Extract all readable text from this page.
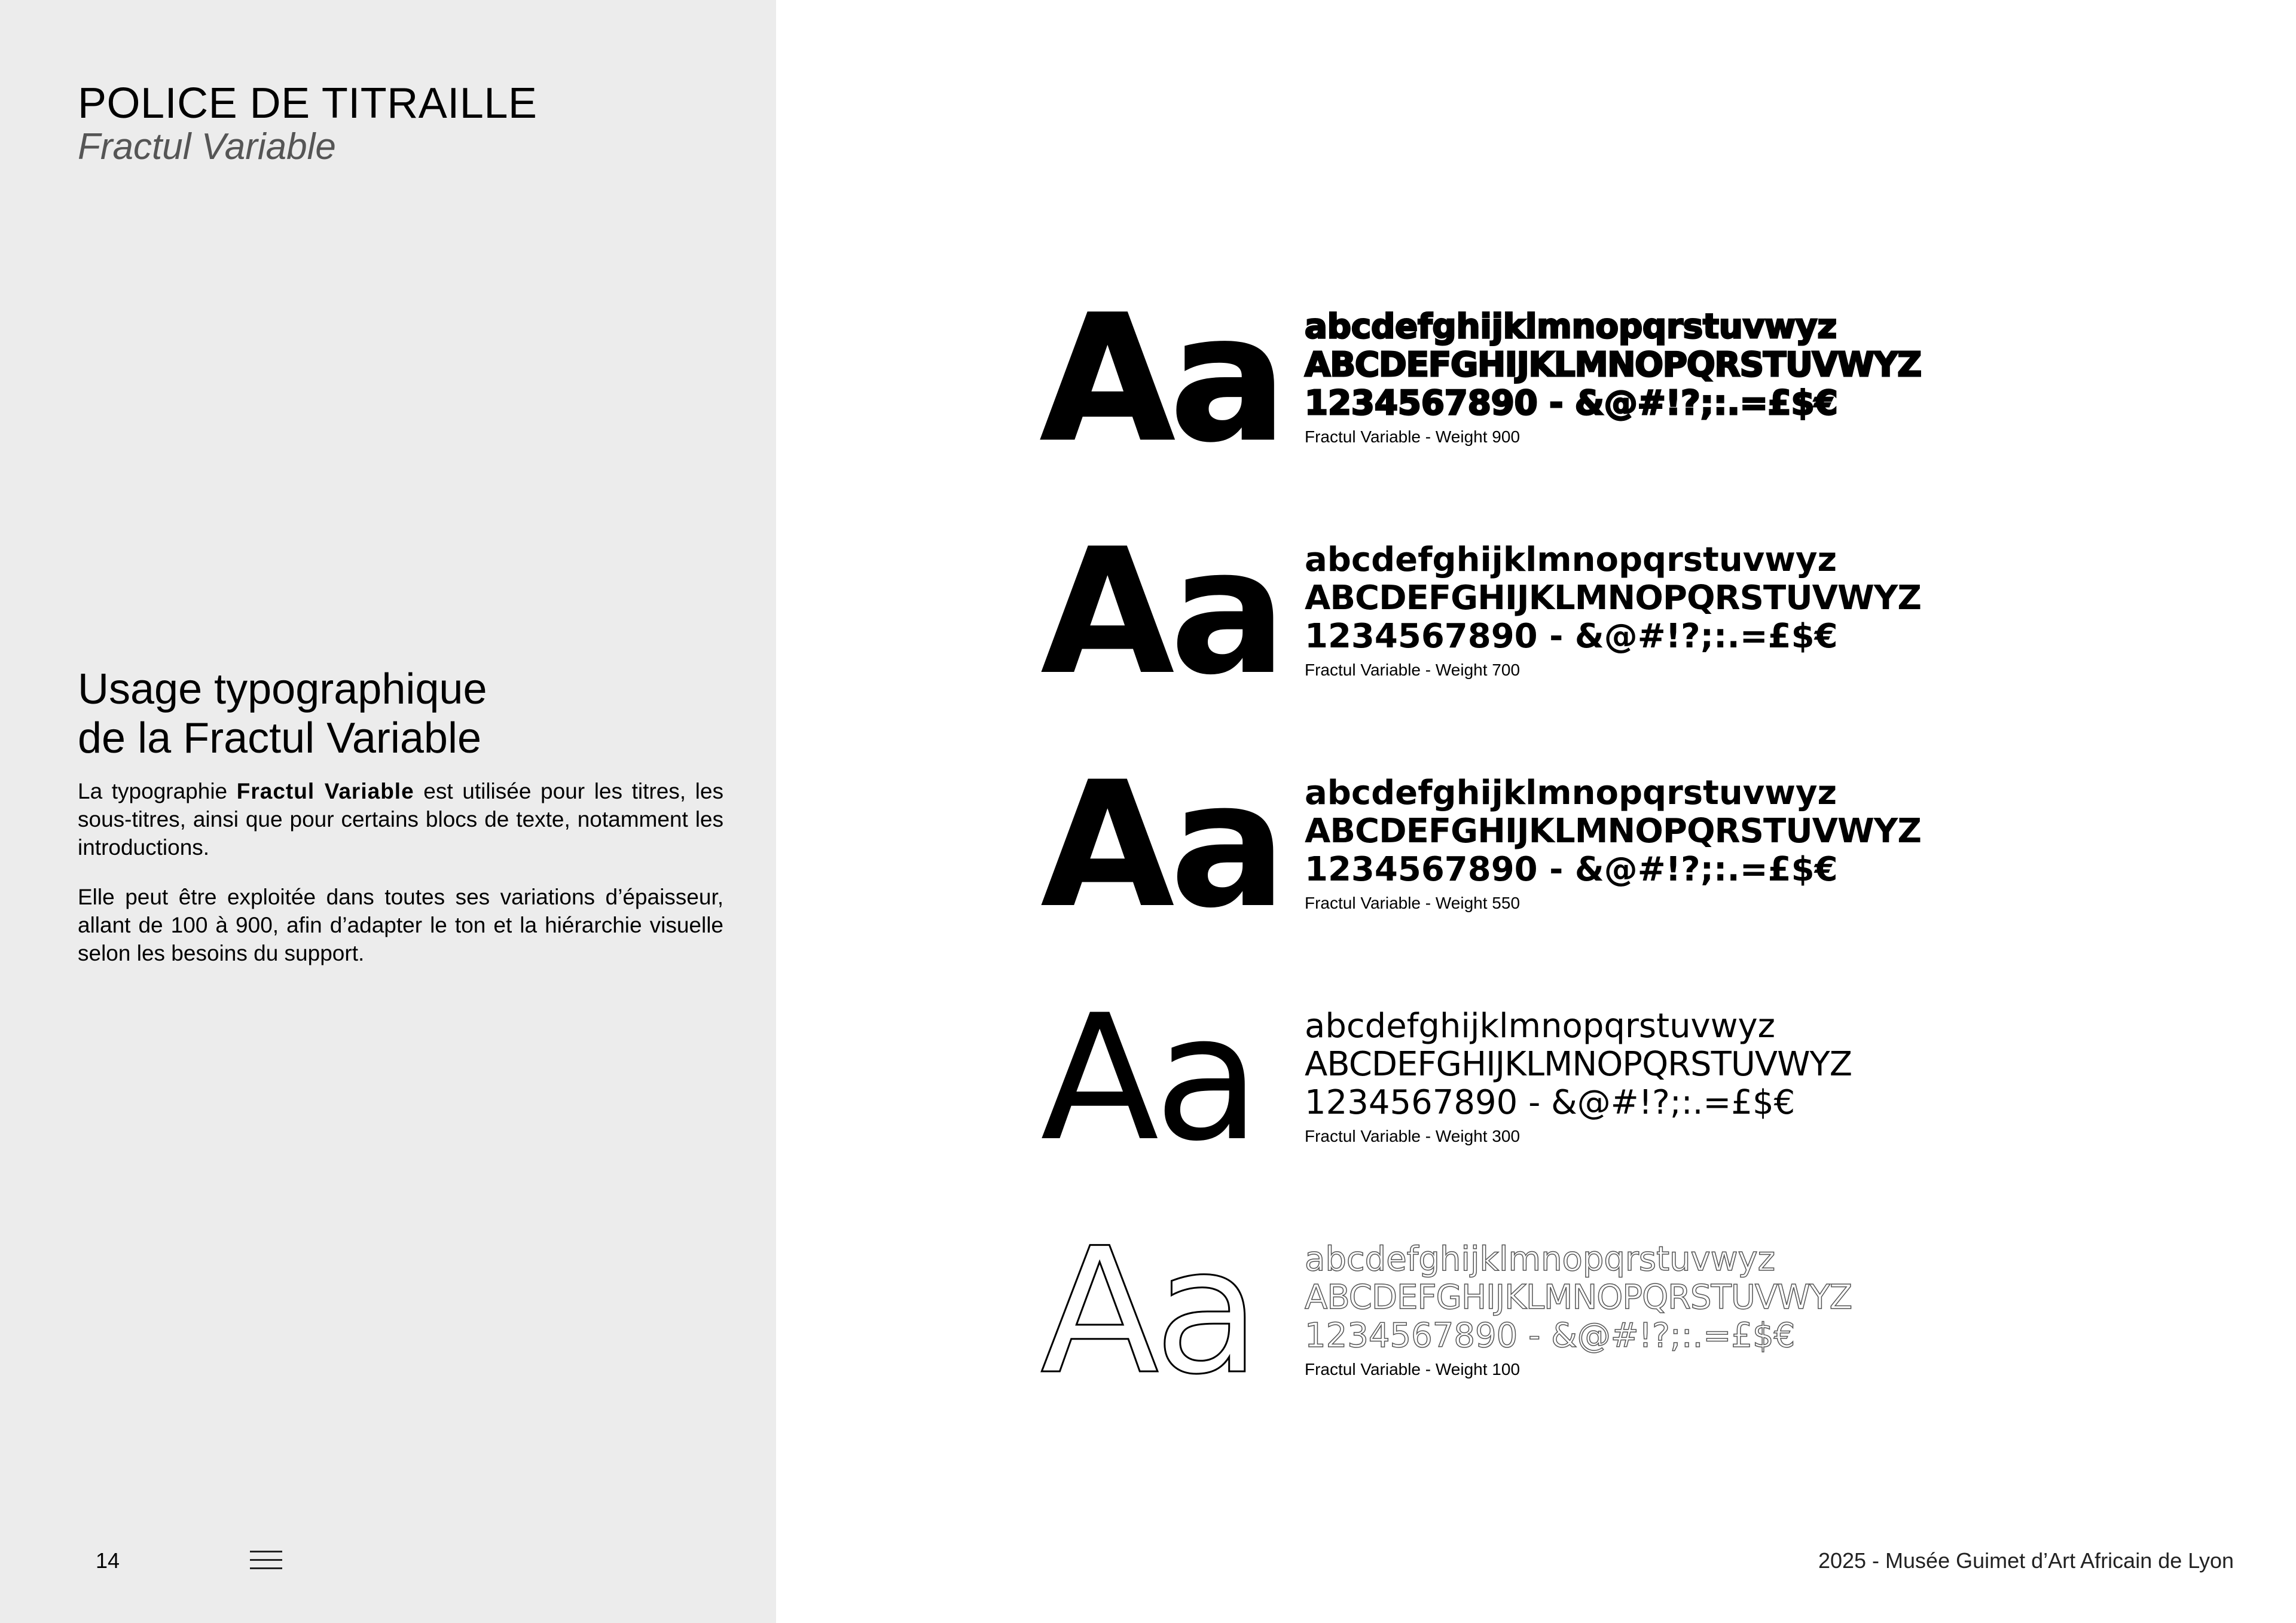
POLICE DE TITRAILLE
Fractul Variable
Usage typographique
de la Fractul Variable

La typographie Fractul Variable est utilisée pour les titres, les sous-titres, ainsi que pour certains blocs de texte, notamment les introductions.

Elle peut être exploitée dans toutes ses variations d’épaisseur, allant de 100 à 900, afin d’adapter le ton et la hiérarchie visuelle selon les besoins du support.

14
Aa abcdefghijklmnopqrstuvwyz
ABCDEFGHIJKLMNOPQRSTUVWYZ
1234567890 - &@#!?;:.=£$€
Fractul Variable - Weight 900
Aa abcdefghijklmnopqrstuvwyz
ABCDEFGHIJKLMNOPQRSTUVWYZ
1234567890 - &@#!?;:.=£$€
Fractul Variable - Weight 700
Aa abcdefghijklmnopqrstuvwyz
ABCDEFGHIJKLMNOPQRSTUVWYZ
1234567890 - &@#!?;:.=£$€
Fractul Variable - Weight 550
Aa abcdefghijklmnopqrstuvwyz
ABCDEFGHIJKLMNOPQRSTUVWYZ
1234567890 - &@#!?;:.=£$€
Fractul Variable - Weight 300
Aa abcdefghijklmnopqrstuvwyz
ABCDEFGHIJKLMNOPQRSTUVWYZ
1234567890 - &@#!?;:.=£$€
Fractul Variable - Weight 100
2025 - Musée Guimet d’Art Africain de Lyon
